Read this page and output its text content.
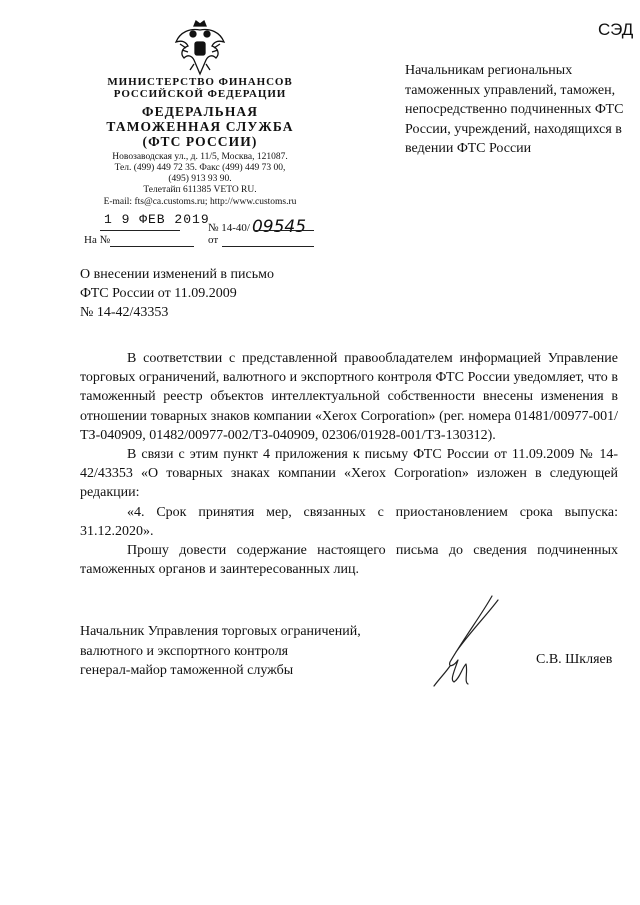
СЭД
МИНИСТЕРСТВО ФИНАНСОВ
РОССИЙСКОЙ ФЕДЕРАЦИИ
ФЕДЕРАЛЬНАЯ
ТАМОЖЕННАЯ СЛУЖБА
(ФТС РОССИИ)
Новозаводская ул., д. 11/5, Москва, 121087.
Тел. (499) 449 72 35. Факс (499) 449 73 00,
(495) 913 93 90.
Телетайп 611385 VETO RU.
E-mail: fts@ca.customs.ru; http://www.customs.ru
1 9 ФЕВ 2019
№ 14-40/ 09545
На №	от
Начальникам региональных таможенных управлений, таможен, непосредственно подчиненных ФТС России, учреждений, находящихся в ведении ФТС России
О внесении изменений в письмо
ФТС России от 11.09.2009
№ 14-42/43353

В соответствии с представленной правообладателем информацией Управление торговых ограничений, валютного и экспортного контроля ФТС России уведомляет, что в таможенный реестр объектов интеллектуальной собственности внесены изменения в отношении товарных знаков компании «Xerox Corporation» (рег. номера 01481/00977-001/ТЗ-040909, 01482/00977-002/ТЗ-040909, 02306/01928-001/ТЗ-130312).

В связи с этим пункт 4 приложения к письму ФТС России от 11.09.2009 № 14-42/43353 «О товарных знаках компании «Xerox Corporation» изложен в следующей редакции:

«4. Срок принятия мер, связанных с приостановлением срока выпуска: 31.12.2020».

Прошу довести содержание настоящего письма до сведения подчиненных таможенных органов и заинтересованных лиц.

Начальник Управления торговых ограничений,
валютного и экспортного контроля
генерал-майор таможенной службы
С.В. Шкляев
